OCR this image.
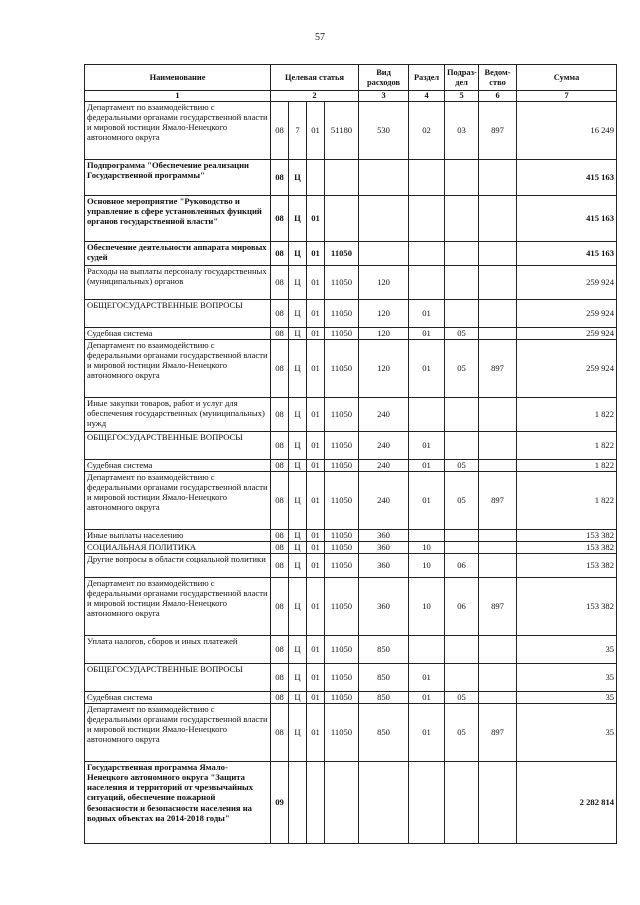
57
Наименование	Целевая статья				Вид расходов	Раздел	Подраз-дел	Ведом-ство	Сумма
1	2				3	4	5	6	7
Департамент по взаимодействию с федеральными органами государственной власти и мировой юстиции Ямало-Ненецкого автономного округа	08	7	01	51180	530	02	03	897	16 249
Подпрограмма "Обеспечение реализации Государственной программы"	08	Ц							415 163
Основное мероприятие "Руководство и управление в сфере установленных функций органов государственной власти"	08	Ц	01						415 163
Обеспечение деятельности аппарата мировых судей	08	Ц	01	11050					415 163
Расходы на выплаты персоналу государственных (муниципальных) органов	08	Ц	01	11050	120				259 924
ОБЩЕГОСУДАРСТВЕННЫЕ ВОПРОСЫ	08	Ц	01	11050	120	01			259 924
Судебная система	08	Ц	01	11050	120	01	05		259 924
Департамент по взаимодействию с федеральными органами государственной власти и мировой юстиции Ямало-Ненецкого автономного округа	08	Ц	01	11050	120	01	05	897	259 924
Иные закупки товаров, работ и услуг для обеспечения государственных (муниципальных) нужд	08	Ц	01	11050	240				1 822
ОБЩЕГОСУДАРСТВЕННЫЕ ВОПРОСЫ	08	Ц	01	11050	240	01			1 822
Судебная система	08	Ц	01	11050	240	01	05		1 822
Департамент по взаимодействию с федеральными органами государственной власти и мировой юстиции Ямало-Ненецкого автономного округа	08	Ц	01	11050	240	01	05	897	1 822
Иные выплаты населению	08	Ц	01	11050	360				153 382
СОЦИАЛЬНАЯ ПОЛИТИКА	08	Ц	01	11050	360	10			153 382
Другие вопросы в области социальной политики	08	Ц	01	11050	360	10	06		153 382
Департамент по взаимодействию с федеральными органами государственной власти и мировой юстиции Ямало-Ненецкого автономного округа	08	Ц	01	11050	360	10	06	897	153 382
Уплата налогов, сборов и иных платежей	08	Ц	01	11050	850				35
ОБЩЕГОСУДАРСТВЕННЫЕ ВОПРОСЫ	08	Ц	01	11050	850	01			35
Судебная система	08	Ц	01	11050	850	01	05		35
Департамент по взаимодействию с федеральными органами государственной власти и мировой юстиции Ямало-Ненецкого автономного округа	08	Ц	01	11050	850	01	05	897	35
Государственная программа Ямало-Ненецкого автономного округа "Защита населения и территорий от чрезвычайных ситуаций, обеспечение пожарной безопасности и безопасности населения на водных объектах на 2014-2018 годы"	09								2 282 814
